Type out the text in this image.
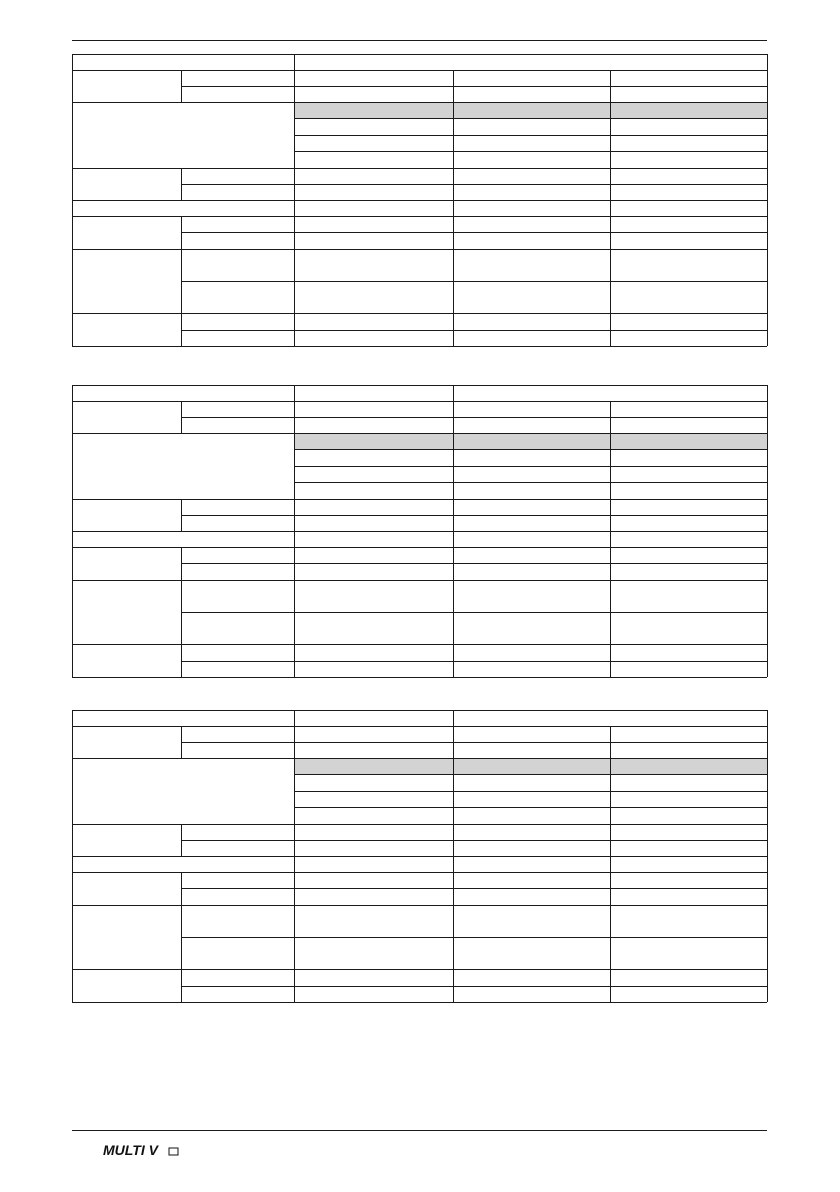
MULTI V
